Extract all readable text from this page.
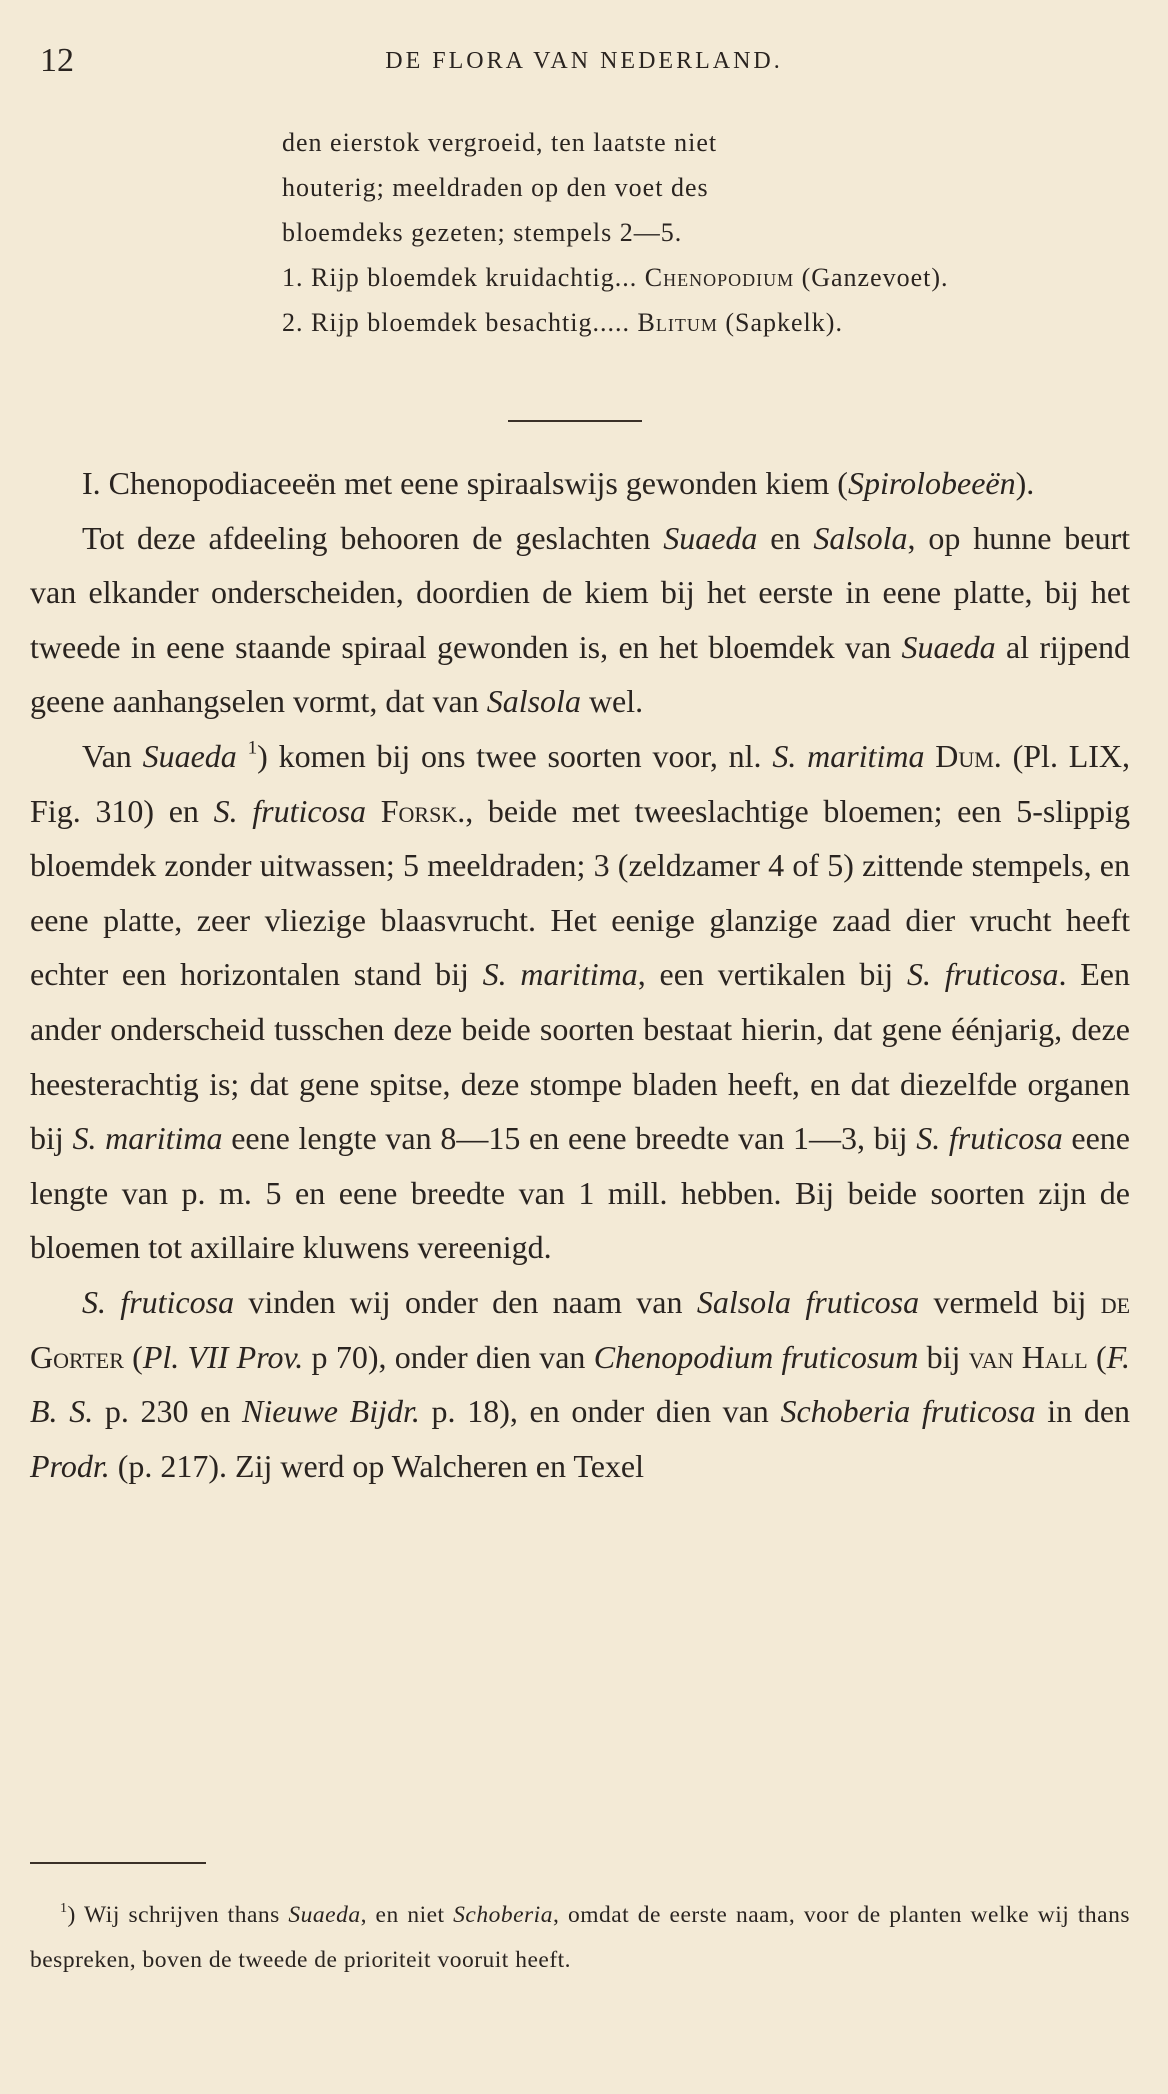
12	DE FLORA VAN NEDERLAND.
den eierstok vergroeid, ten laatste niet houterig; meeldraden op den voet des bloemdeks gezeten; stempels 2—5.
1. Rijp bloemdek kruidachtig... Chenopodium (Ganzevoet).
2. Rijp bloemdek besachtig..... Blitum (Sapkelk).

I. Chenopodiaceeën met eene spiraalswijs gewonden kiem (Spirolobeeën).

Tot deze afdeeling behooren de geslachten Suaeda en Salsola, op hunne beurt van elkander onderscheiden, doordien de kiem bij het eerste in eene platte, bij het tweede in eene staande spiraal gewonden is, en het bloemdek van Suaeda al rijpend geene aanhangselen vormt, dat van Salsola wel.

Van Suaeda $^1$) komen bij ons twee soorten voor, nl. S. maritima Dum. (Pl. LIX, Fig. 310) en S. fruticosa Forsk., beide met tweeslachtige bloemen; een 5-slippig bloemdek zonder uitwassen; 5 meeldraden; 3 (zeldzamer 4 of 5) zittende stempels, en eene platte, zeer vliezige blaasvrucht. Het eenige glanzige zaad dier vrucht heeft echter een horizontalen stand bij S. maritima, een vertikalen bij S. fruticosa. Een ander onderscheid tusschen deze beide soorten bestaat hierin, dat gene éénjarig, deze heesterachtig is; dat gene spitse, deze stompe bladen heeft, en dat diezelfde organen bij S. maritima eene lengte van 8—15 en eene breedte van 1—3, bij S. fruticosa eene lengte van p. m. 5 en eene breedte van 1 mill. hebben. Bij beide soorten zijn de bloemen tot axillaire kluwens vereenigd.

S. fruticosa vinden wij onder den naam van Salsola fruticosa vermeld bij de Gorter (Pl. VII Prov. p 70), onder dien van Chenopodium fruticosum bij van Hall (F. B. S. p. 230 en Nieuwe Bijdr. p. 18), en onder dien van Schoberia fruticosa in den Prodr. (p. 217). Zij werd op Walcheren en Texel

$^1$) Wij schrijven thans Suaeda, en niet Schoberia, omdat de eerste naam, voor de planten welke wij thans bespreken, boven de tweede de prioriteit vooruit heeft.
